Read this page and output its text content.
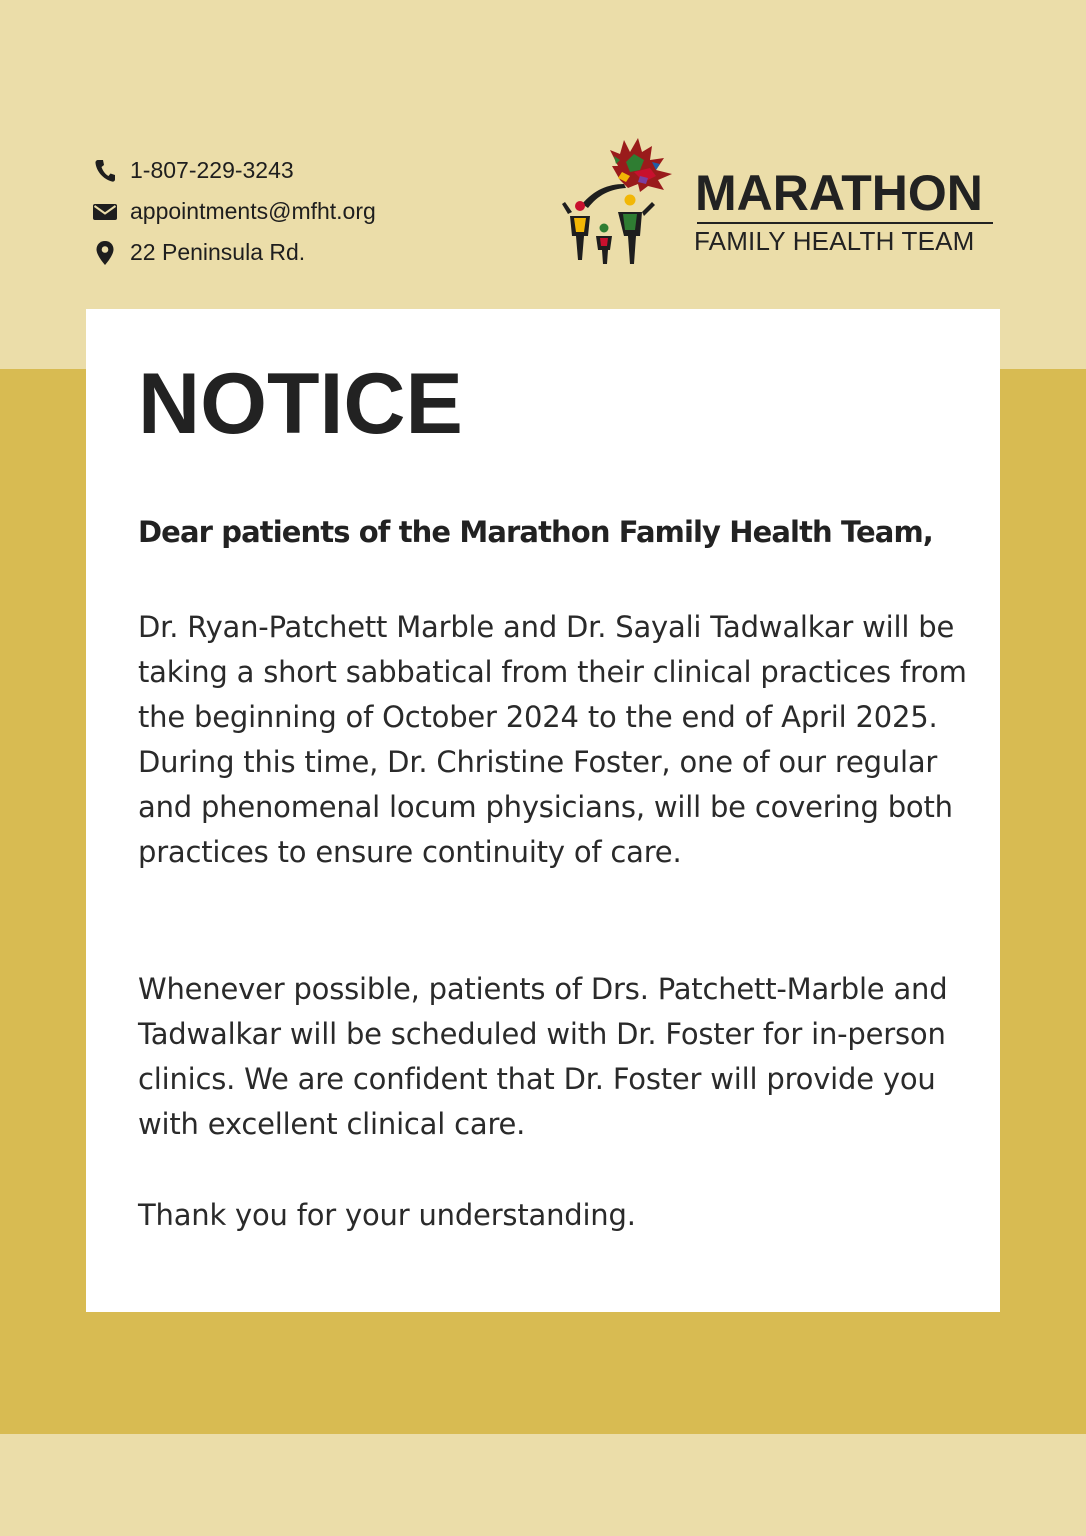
1-807-229-3243
appointments@mfht.org
22 Peninsula Rd.
MARATHON
FAMILY HEALTH TEAM
NOTICE

Dear patients of the Marathon Family Health Team,

Dr. Ryan-Patchett Marble and Dr. Sayali Tadwalkar will be taking a short sabbatical from their clinical practices from the beginning of October 2024 to the end of April 2025. During this time, Dr. Christine Foster, one of our regular and phenomenal locum physicians, will be covering both practices to ensure continuity of care.

Whenever possible, patients of Drs. Patchett-Marble and Tadwalkar will be scheduled with Dr. Foster for in-person clinics. We are confident that Dr. Foster will provide you with excellent clinical care.

Thank you for your understanding.
